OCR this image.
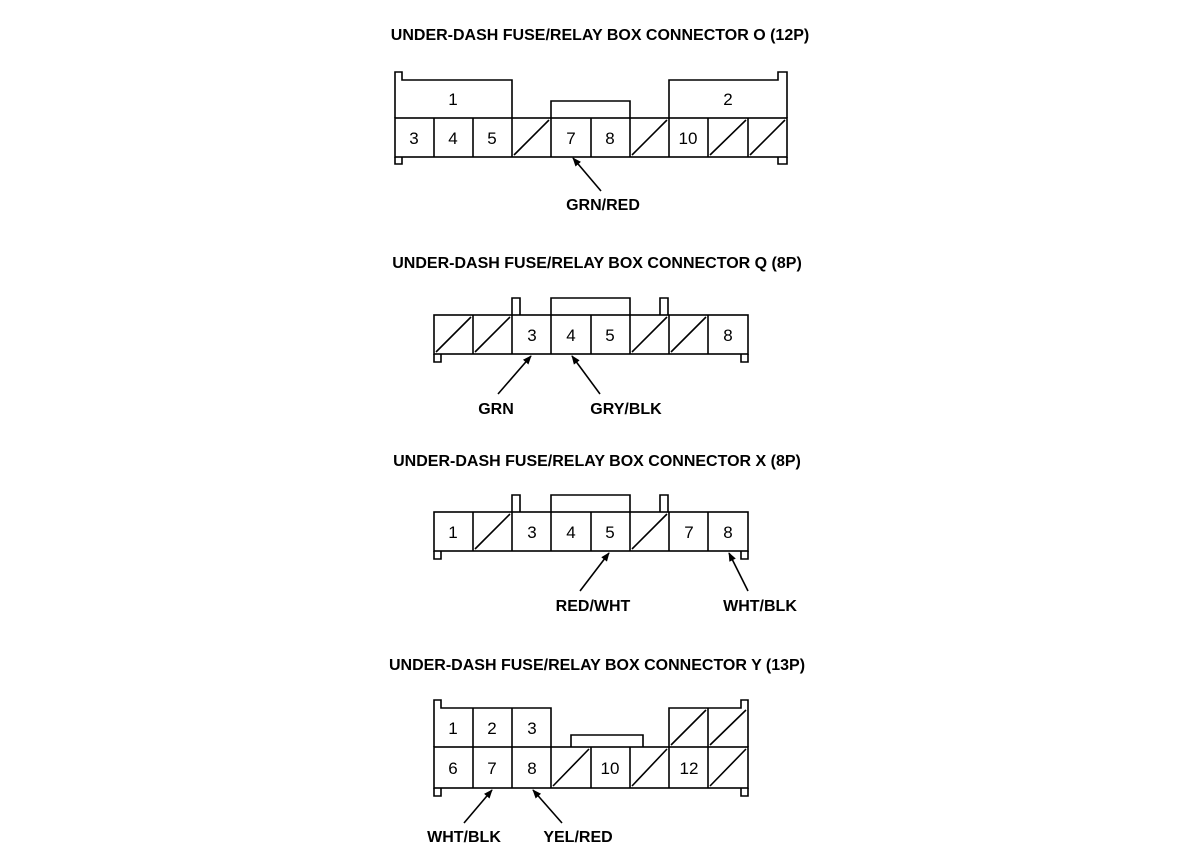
UNDER-DASH FUSE/RELAY BOX CONNECTOR O (12P)
1	2
3 4 5	7 8	10
GRN/RED
UNDER-DASH FUSE/RELAY BOX CONNECTOR Q (8P)
3 4 5	8
GRN	GRY/BLK
UNDER-DASH FUSE/RELAY BOX CONNECTOR X (8P)
1	3 4 5	7 8
RED/WHT	WHT/BLK
UNDER-DASH FUSE/RELAY BOX CONNECTOR Y (13P)
1 2 3
6 7 8	10	12
WHT/BLK	YEL/RED
